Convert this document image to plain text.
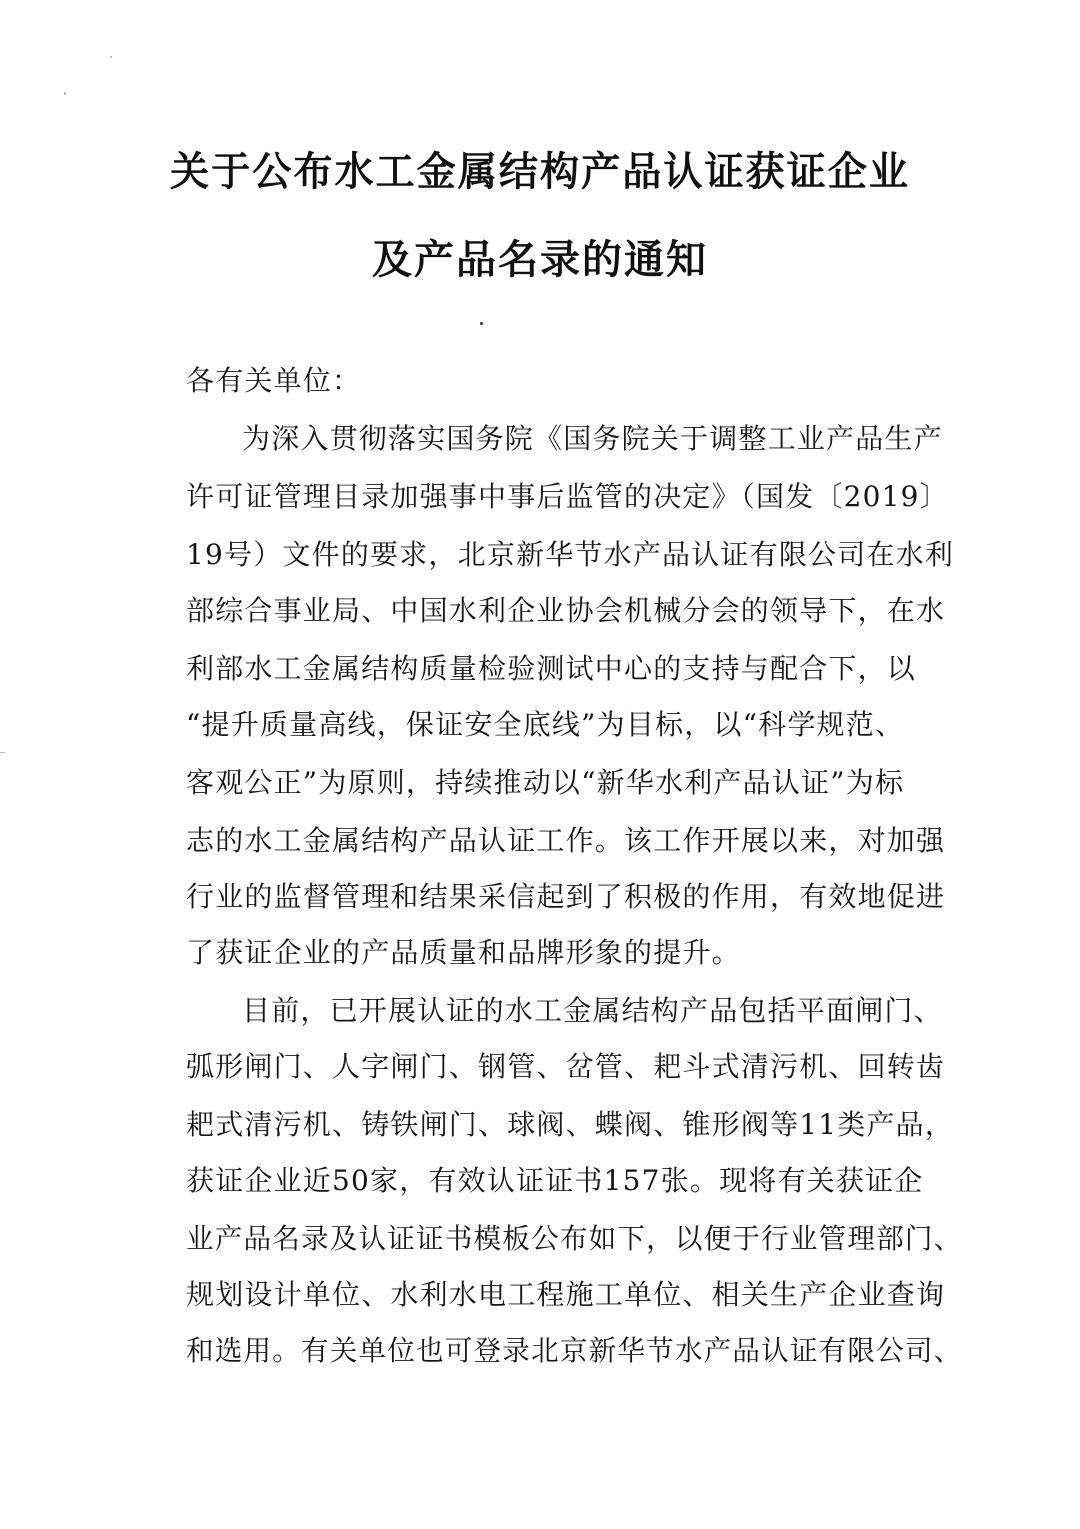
关于公布水工金属结构产品认证获证企业
及产品名录的通知
各有关单位：
为深入贯彻落实国务院《国务院关于调整工业产品生产
许可证管理目录加强事中事后监管的决定》（国发〔2019〕
19号）文件的要求，北京新华节水产品认证有限公司在水利
部综合事业局、中国水利企业协会机械分会的领导下，在水
利部水工金属结构质量检验测试中心的支持与配合下，以
“提升质量高线，保证安全底线”为目标，以“科学规范、
客观公正”为原则，持续推动以“新华水利产品认证”为标
志的水工金属结构产品认证工作。该工作开展以来，对加强
行业的监督管理和结果采信起到了积极的作用，有效地促进
了获证企业的产品质量和品牌形象的提升。
目前，已开展认证的水工金属结构产品包括平面闸门、
弧形闸门、人字闸门、钢管、岔管、耙斗式清污机、回转齿
耙式清污机、铸铁闸门、球阀、蝶阀、锥形阀等11类产品，
获证企业近50家，有效认证证书157张。现将有关获证企
业产品名录及认证证书模板公布如下，以便于行业管理部门、
规划设计单位、水利水电工程施工单位、相关生产企业查询
和选用。有关单位也可登录北京新华节水产品认证有限公司、
